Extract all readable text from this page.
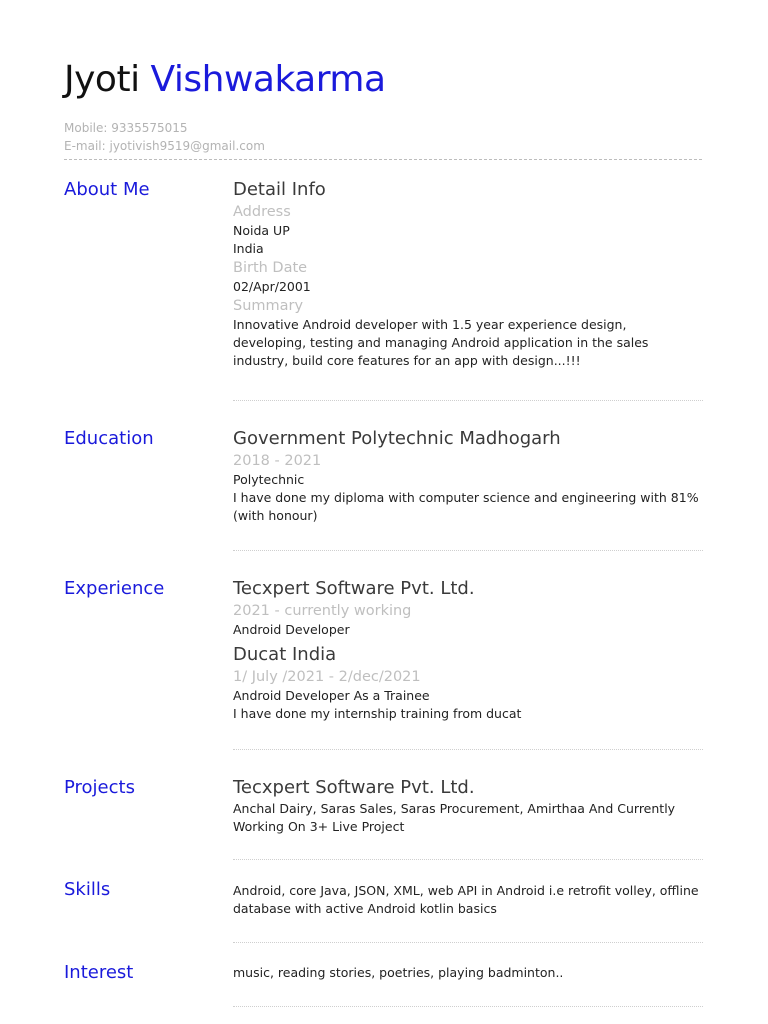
Jyoti Vishwakarma
Mobile: 9335575015
E-mail: jyotivish9519@gmail.com
About Me	Detail Info
Address
Noida UP
India
Birth Date
02/Apr/2001
Summary
Innovative Android developer with 1.5 year experience design, developing, testing and managing Android application in the sales industry, build core features for an app with design...!!!
Education	Government Polytechnic Madhogarh
2018 - 2021
Polytechnic
I have done my diploma with computer science and engineering with 81% (with honour)
Experience	Tecxpert Software Pvt. Ltd.
2021 - currently working
Android Developer
Ducat India
1/ July /2021 - 2/dec/2021
Android Developer As a Trainee
I have done my internship training from ducat
Projects	Tecxpert Software Pvt. Ltd.
Anchal Dairy, Saras Sales, Saras Procurement, Amirthaa And Currently Working On 3+ Live Project
Skills	Android, core Java, JSON, XML, web API in Android i.e retrofit volley, offline database with active Android kotlin basics
Interest	music, reading stories, poetries, playing badminton..
